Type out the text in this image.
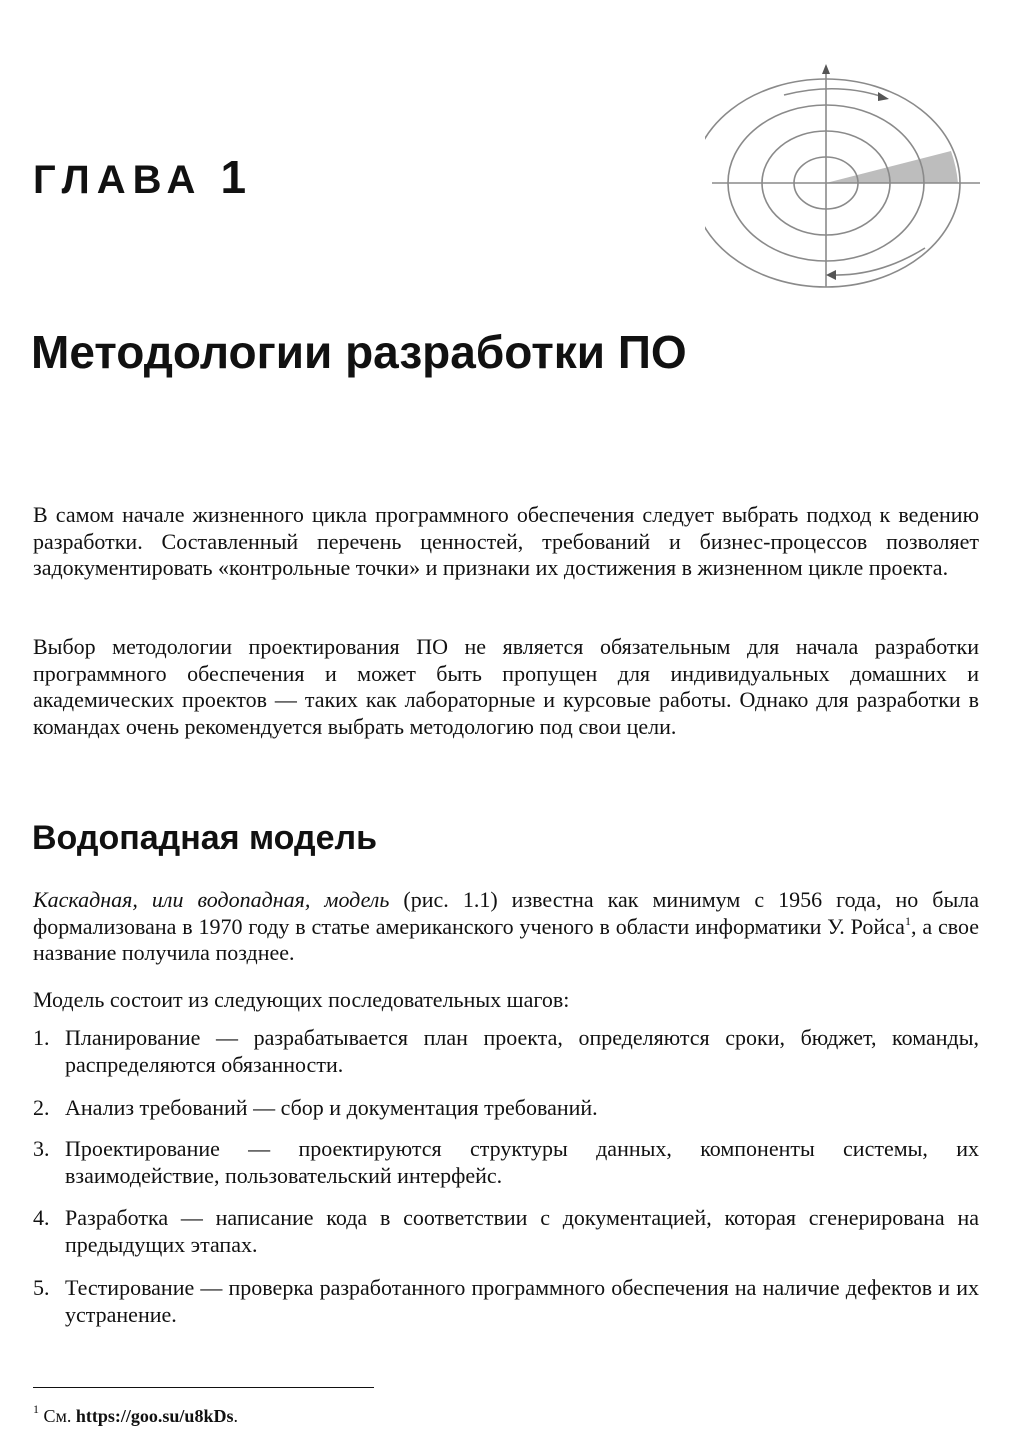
ГЛАВА 1
Методологии разработки ПО

В самом начале жизненного цикла программного обеспечения следует выбрать подход к ведению разработки. Составленный перечень ценностей, требований и бизнес-процессов позволяет задокументировать «контрольные точки» и признаки их достижения в жизненном цикле проекта.

Выбор методологии проектирования ПО не является обязательным для начала разработки программного обеспечения и может быть пропущен для индивидуальных домашних и академических проектов — таких как лабораторные и курсовые работы. Однако для разработки в командах очень рекомендуется выбрать методологию под свои цели.

Водопадная модель

Каскадная, или водопадная, модель (рис. 1.1) известна как минимум с 1956 года, но была формализована в 1970 году в статье американского ученого в области информатики У. Ройса$^1$, а свое название получила позднее.

Модель состоит из следующих последовательных шагов:

1. Планирование — разрабатывается план проекта, определяются сроки, бюджет, команды, распределяются обязанности.
2. Анализ требований — сбор и документация требований.
3. Проектирование — проектируются структуры данных, компоненты системы, их взаимодействие, пользовательский интерфейс.
4. Разработка — написание кода в соответствии с документацией, которая сгенерирована на предыдущих этапах.
5. Тестирование — проверка разработанного программного обеспечения на наличие дефектов и их устранение.
$^1$ См. https://goo.su/u8kDs.
